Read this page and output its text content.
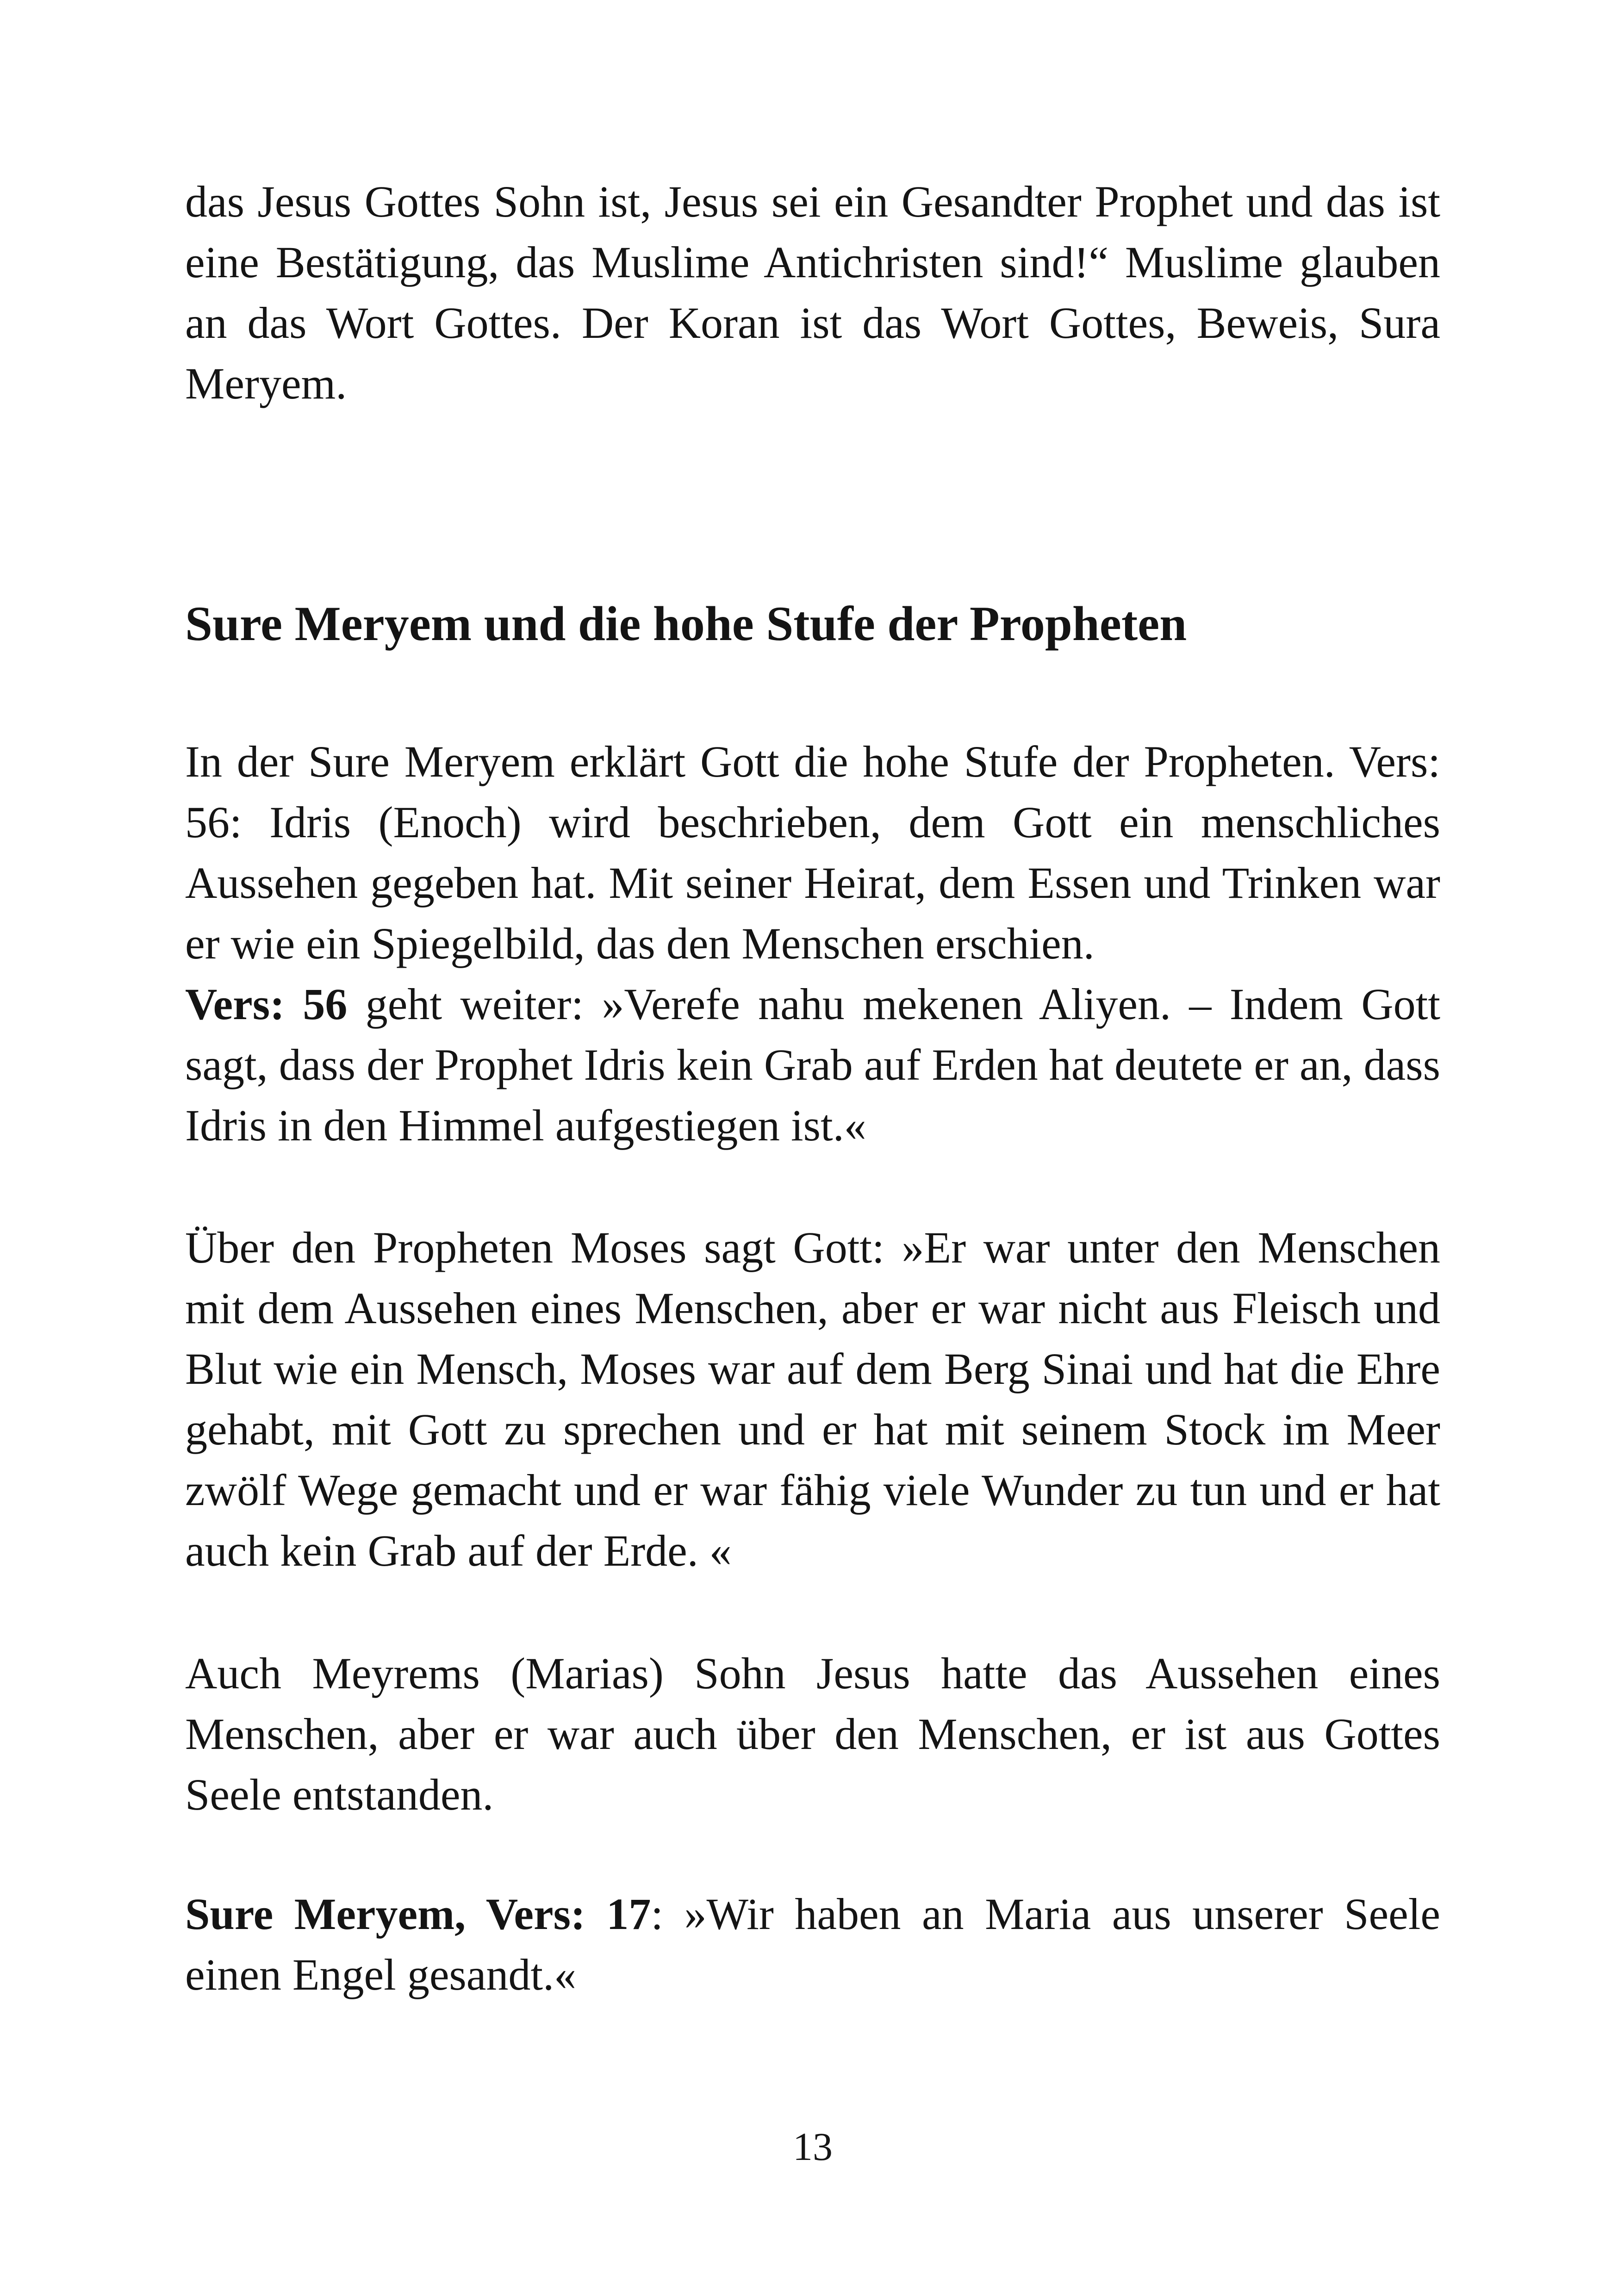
das Jesus Gottes Sohn ist, Jesus sei ein Gesandter Prophet und das ist eine Bestätigung, das Muslime Antichristen sind!“ Muslime glauben an das Wort Gottes. Der Koran ist das Wort Gottes, Beweis, Sura Meryem.

Sure Meryem und die hohe Stufe der Propheten

In der Sure Meryem erklärt Gott die hohe Stufe der Propheten. Vers: 56: Idris (Enoch) wird beschrieben, dem Gott ein menschliches Aussehen gegeben hat. Mit seiner Heirat, dem Essen und Trinken war er wie ein Spiegelbild, das den Menschen erschien.

Vers: 56 geht weiter: »Verefe nahu mekenen Aliyen. – Indem Gott sagt, dass der Prophet Idris kein Grab auf Erden hat deutete er an, dass Idris in den Himmel aufgestiegen ist.«

Über den Propheten Moses sagt Gott: »Er war unter den Menschen mit dem Aussehen eines Menschen, aber er war nicht aus Fleisch und Blut wie ein Mensch, Moses war auf dem Berg Sinai und hat die Ehre gehabt, mit Gott zu sprechen und er hat mit seinem Stock im Meer zwölf Wege gemacht und er war fähig viele Wunder zu tun und er hat auch kein Grab auf der Erde. «

Auch Meyrems (Marias) Sohn Jesus hatte das Aussehen eines Menschen, aber er war auch über den Menschen, er ist aus Gottes Seele entstanden.

Sure Meryem, Vers: 17: »Wir haben an Maria aus unserer Seele einen Engel gesandt.«

13
